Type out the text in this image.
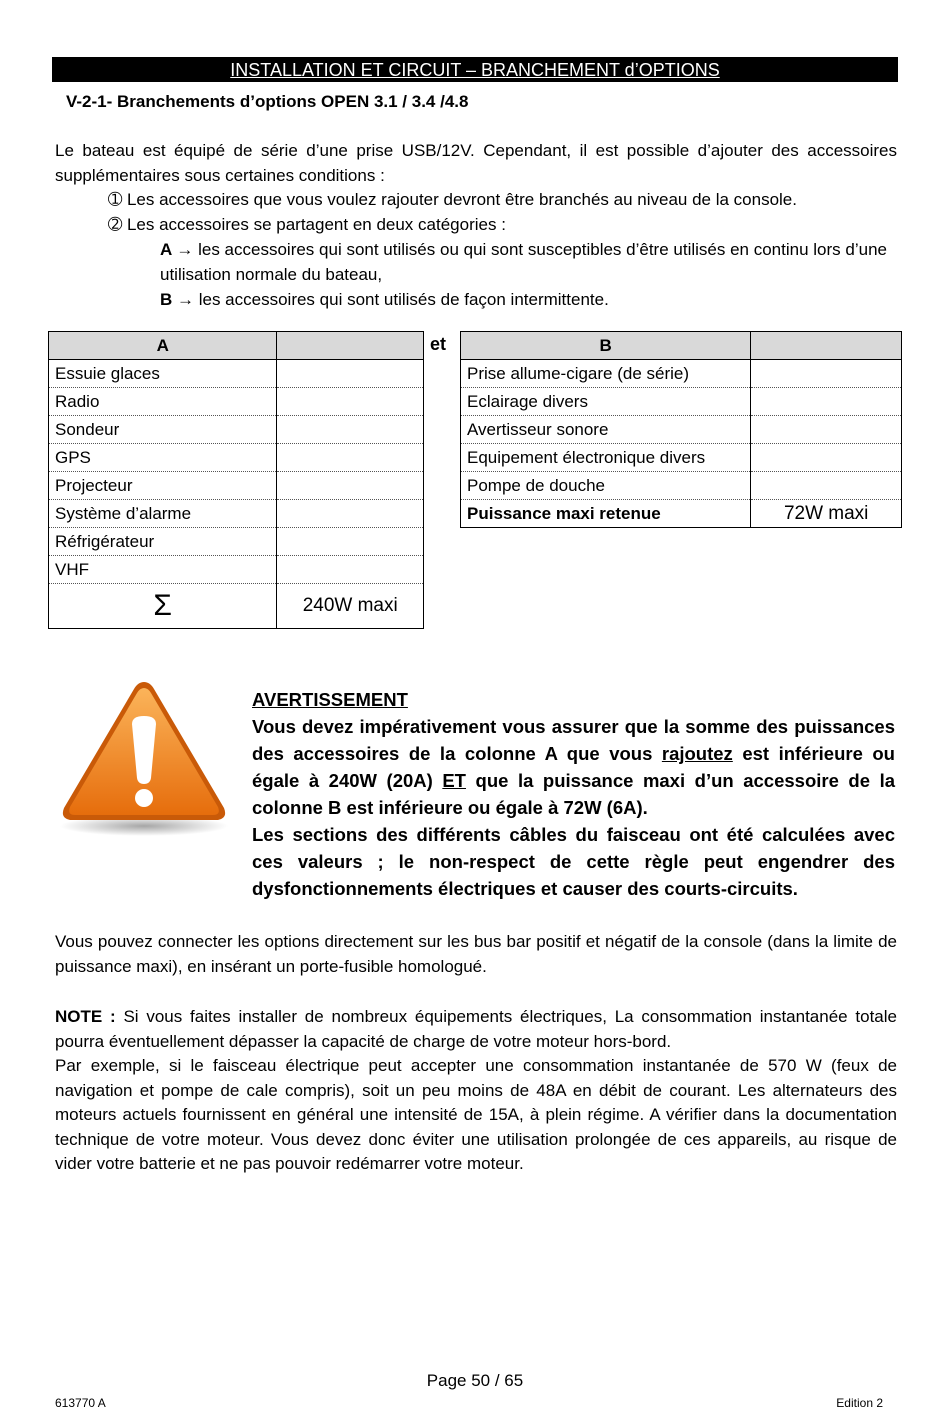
INSTALLATION ET CIRCUIT – BRANCHEMENT d’OPTIONS
V-2-1- Branchements d’options OPEN 3.1 / 3.4 /4.8
Le bateau est équipé de série d’une prise USB/12V. Cependant, il est possible d’ajouter des accessoires supplémentaires sous certaines conditions :
➀ Les accessoires que vous voulez rajouter devront être branchés au niveau de la console.
➁ Les accessoires se partagent en deux catégories :
A → les accessoires qui sont utilisés ou qui sont susceptibles d’être utilisés en continu lors d’une utilisation normale du bateau,
B → les accessoires qui sont utilisés de façon intermittente.
A	
Essuie glaces	
Radio	
Sondeur	
GPS	
Projecteur	
Système d’alarme	
Réfrigérateur	
VHF	
Σ	240W maxi
et	B	
Prise allume-cigare (de série)	
Eclairage divers	
Avertisseur sonore	
Equipement électronique divers	
Pompe de douche	
Puissance maxi retenue	72W maxi
AVERTISSEMENT
Vous devez impérativement vous assurer que la somme des puissances des accessoires de la colonne A que vous rajoutez est inférieure ou égale à 240W (20A) ET que la puissance maxi d’un accessoire de la colonne B est inférieure ou égale à 72W (6A).
Les sections des différents câbles du faisceau ont été calculées avec ces valeurs ; le non-respect de cette règle peut engendrer des dysfonctionnements électriques et causer des courts-circuits.
Vous pouvez connecter les options directement sur les bus bar positif et négatif de la console (dans la limite de puissance maxi), en insérant un porte-fusible homologué.
NOTE : Si vous faites installer de nombreux équipements électriques, La consommation instantanée totale pourra éventuellement dépasser la capacité de charge de votre moteur hors-bord.
Par exemple, si le faisceau électrique peut accepter une consommation instantanée de 570 W (feux de navigation et pompe de cale compris), soit un peu moins de 48A en débit de courant. Les alternateurs des moteurs actuels fournissent en général une intensité de 15A, à plein régime. A vérifier dans la documentation technique de votre moteur. Vous devez donc éviter une utilisation prolongée de ces appareils, au risque de vider votre batterie et ne pas pouvoir redémarrer votre moteur.
Page 50 / 65
613770 A	Edition 2
